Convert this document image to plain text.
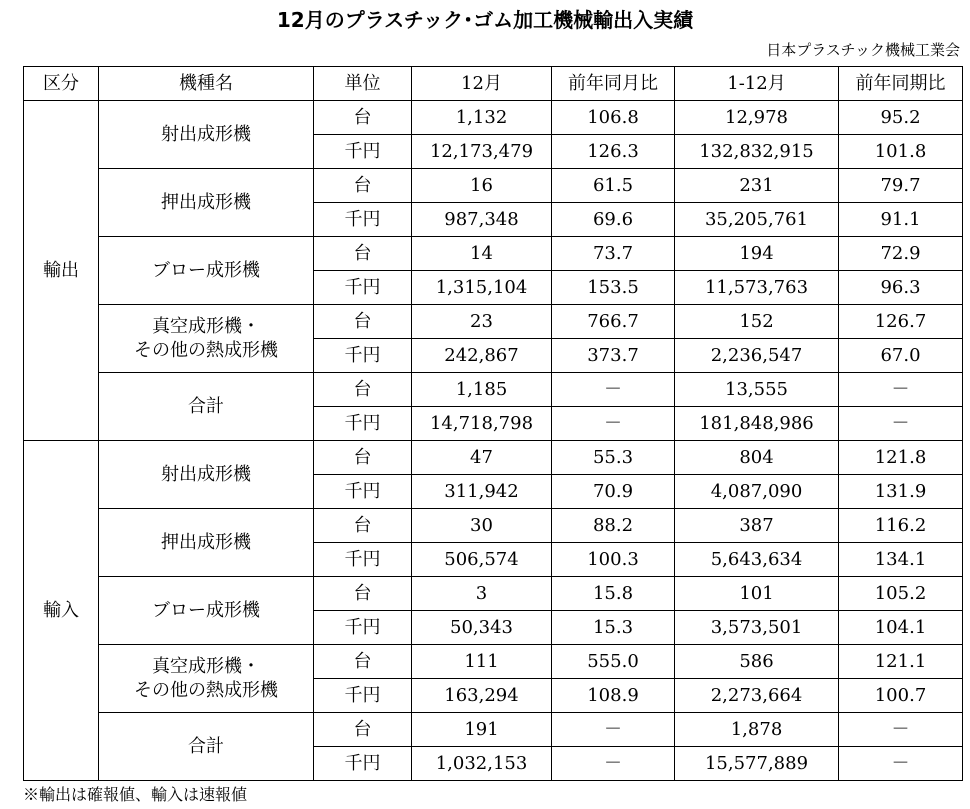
12月のプラスチック･ゴム加工機械輸出入実績
日本プラスチック機械工業会
区分	機種名	単位	12月	前年同月比	1-12月	前年同期比
輸出	射出成形機	台	1,132	106.8	12,978	95.2
		千円	12,173,479	126.3	132,832,915	101.8
	押出成形機	台	16	61.5	231	79.7
		千円	987,348	69.6	35,205,761	91.1
	ブロー成形機	台	14	73.7	194	72.9
		千円	1,315,104	153.5	11,573,763	96.3
	真空成形機・
その他の熱成形機	台	23	766.7	152	126.7
		千円	242,867	373.7	2,236,547	67.0
	合計	台	1,185	－	13,555	－
		千円	14,718,798	－	181,848,986	－
輸入	射出成形機	台	47	55.3	804	121.8
		千円	311,942	70.9	4,087,090	131.9
	押出成形機	台	30	88.2	387	116.2
		千円	506,574	100.3	5,643,634	134.1
	ブロー成形機	台	3	15.8	101	105.2
		千円	50,343	15.3	3,573,501	104.1
	真空成形機・
その他の熱成形機	台	111	555.0	586	121.1
		千円	163,294	108.9	2,273,664	100.7
	合計	台	191	－	1,878	－
		千円	1,032,153	－	15,577,889	－
※輸出は確報値、輸入は速報値
